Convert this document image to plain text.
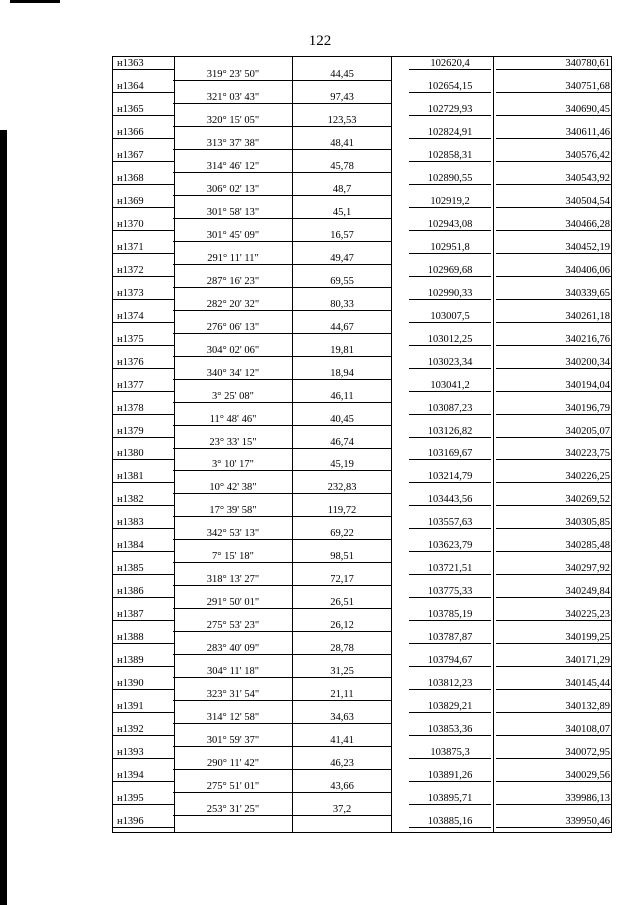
122
н1363	102620,4	340780,61
319° 23' 50"	44,45
н1364	102654,15	340751,68
321° 03' 43"	97,43
н1365	102729,93	340690,45
320° 15' 05"	123,53
н1366	102824,91	340611,46
313° 37' 38"	48,41
н1367	102858,31	340576,42
314° 46' 12"	45,78
н1368	102890,55	340543,92
306° 02' 13"	48,7
н1369	102919,2	340504,54
301° 58' 13"	45,1
н1370	102943,08	340466,28
301° 45' 09"	16,57
н1371	102951,8	340452,19
291° 11' 11"	49,47
н1372	102969,68	340406,06
287° 16' 23"	69,55
н1373	102990,33	340339,65
282° 20' 32"	80,33
н1374	103007,5	340261,18
276° 06' 13"	44,67
н1375	103012,25	340216,76
304° 02' 06"	19,81
н1376	103023,34	340200,34
340° 34' 12"	18,94
н1377	103041,2	340194,04
3° 25' 08"	46,11
н1378	103087,23	340196,79
11° 48' 46"	40,45
н1379	103126,82	340205,07
23° 33' 15"	46,74
н1380	103169,67	340223,75
3° 10' 17"	45,19
н1381	103214,79	340226,25
10° 42' 38"	232,83
н1382	103443,56	340269,52
17° 39' 58"	119,72
н1383	103557,63	340305,85
342° 53' 13"	69,22
н1384	103623,79	340285,48
7° 15' 18"	98,51
н1385	103721,51	340297,92
318° 13' 27"	72,17
н1386	103775,33	340249,84
291° 50' 01"	26,51
н1387	103785,19	340225,23
275° 53' 23"	26,12
н1388	103787,87	340199,25
283° 40' 09"	28,78
н1389	103794,67	340171,29
304° 11' 18"	31,25
н1390	103812,23	340145,44
323° 31' 54"	21,11
н1391	103829,21	340132,89
314° 12' 58"	34,63
н1392	103853,36	340108,07
301° 59' 37"	41,41
н1393	103875,3	340072,95
290° 11' 42"	46,23
н1394	103891,26	340029,56
275° 51' 01"	43,66
н1395	103895,71	339986,13
253° 31' 25"	37,2
н1396	103885,16	339950,46
